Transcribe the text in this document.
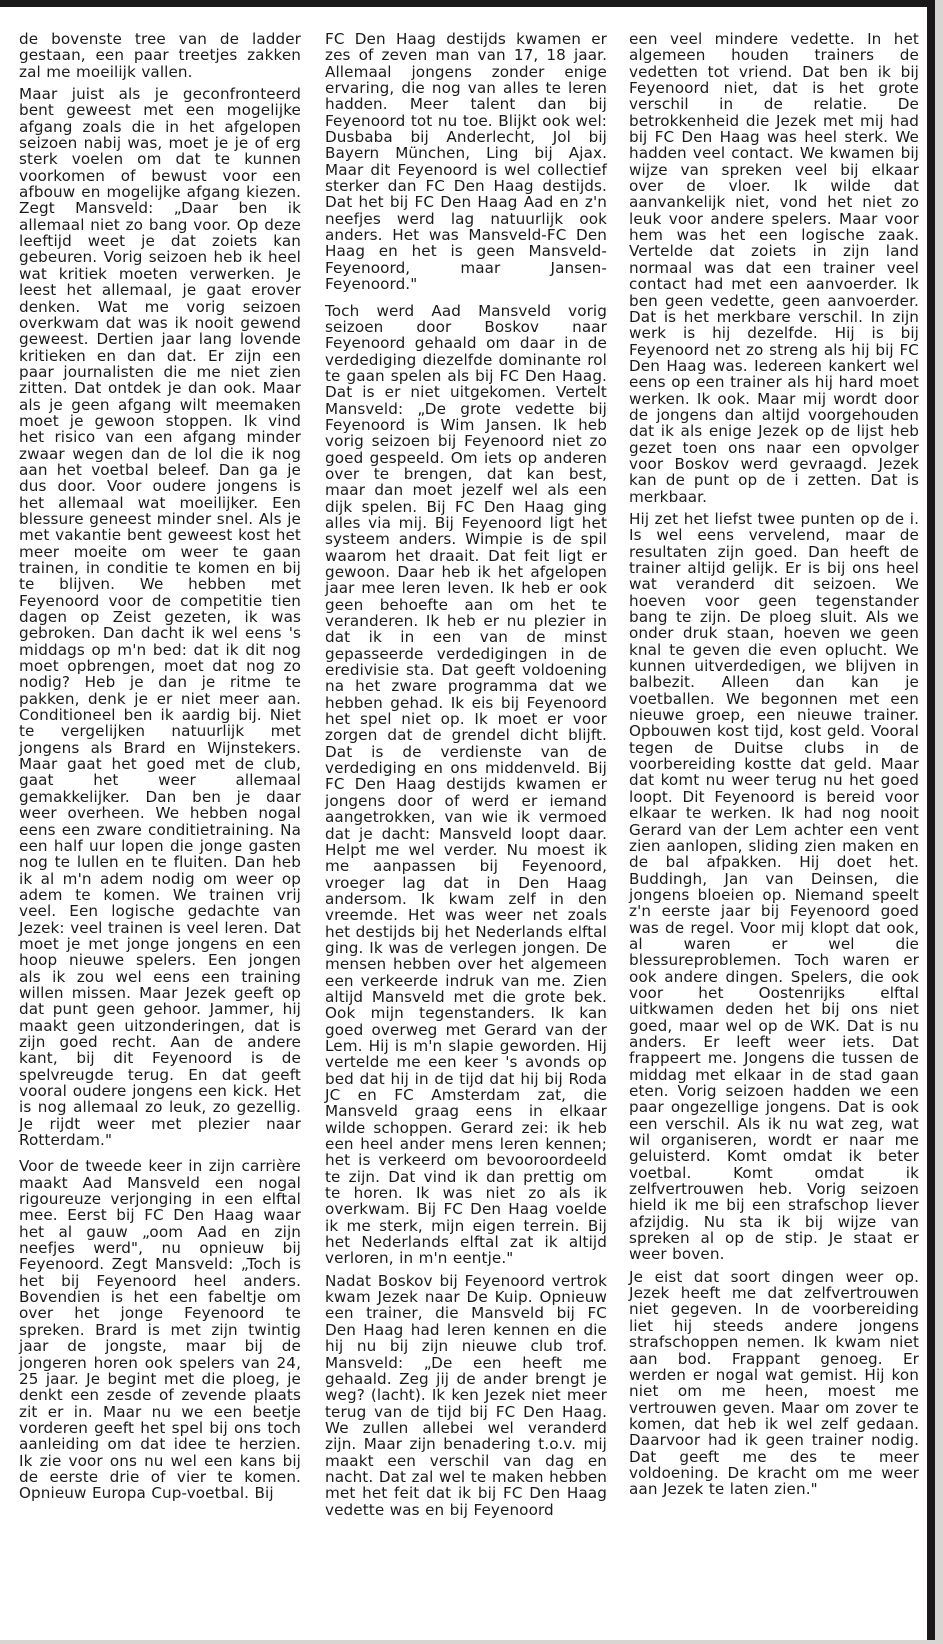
de bovenste tree van de ladder gestaan, een paar treetjes zakken zal me moeilijk vallen.

Maar juist als je geconfronteerd bent geweest met een mogelijke afgang zoals die in het afgelopen seizoen nabij was, moet je je of erg sterk voelen om dat te kunnen voorkomen of bewust voor een afbouw en mogelijke afgang kiezen. Zegt Mansveld: „Daar ben ik allemaal niet zo bang voor. Op deze leeftijd weet je dat zoiets kan gebeuren. Vorig seizoen heb ik heel wat kritiek moeten verwerken. Je leest het allemaal, je gaat erover denken. Wat me vorig seizoen overkwam dat was ik nooit gewend geweest. Dertien jaar lang lovende kritieken en dan dat. Er zijn een paar journalisten die me niet zien zitten. Dat ontdek je dan ook. Maar als je geen afgang wilt meemaken moet je gewoon stoppen. Ik vind het risico van een afgang minder zwaar wegen dan de lol die ik nog aan het voetbal beleef. Dan ga je dus door. Voor oudere jongens is het allemaal wat moeilijker. Een blessure geneest minder snel. Als je met vakantie bent geweest kost het meer moeite om weer te gaan trainen, in conditie te komen en bij te blijven. We hebben met Feyenoord voor de competitie tien dagen op Zeist gezeten, ik was gebroken. Dan dacht ik wel eens 's middags op m'n bed: dat ik dit nog moet opbrengen, moet dat nog zo nodig? Heb je dan je ritme te pakken, denk je er niet meer aan. Conditioneel ben ik aardig bij. Niet te vergelijken natuurlijk met jongens als Brard en Wijnstekers. Maar gaat het goed met de club, gaat het weer allemaal gemakkelijker. Dan ben je daar weer overheen. We hebben nogal eens een zware conditietraining. Na een half uur lopen die jonge gasten nog te lullen en te fluiten. Dan heb ik al m'n adem nodig om weer op adem te komen. We trainen vrij veel. Een logische gedachte van Jezek: veel trainen is veel leren. Dat moet je met jonge jongens en een hoop nieuwe spelers. Een jongen als ik zou wel eens een training willen missen. Maar Jezek geeft op dat punt geen gehoor. Jammer, hij maakt geen uitzonderingen, dat is zijn goed recht. Aan de andere kant, bij dit Feyenoord is de spelvreugde terug. En dat geeft vooral oudere jongens een kick. Het is nog allemaal zo leuk, zo gezellig. Je rijdt weer met plezier naar Rotterdam."

Voor de tweede keer in zijn carrière maakt Aad Mansveld een nogal rigoureuze verjonging in een elftal mee. Eerst bij FC Den Haag waar het al gauw „oom Aad en zijn neefjes werd", nu opnieuw bij Feyenoord. Zegt Mansveld: „Toch is het bij Feyenoord heel anders. Bovendien is het een fabeltje om over het jonge Feyenoord te spreken. Brard is met zijn twintig jaar de jongste, maar bij de jongeren horen ook spelers van 24, 25 jaar. Je begint met die ploeg, je denkt een zesde of zevende plaats zit er in. Maar nu we een beetje vorderen geeft het spel bij ons toch aanleiding om dat idee te herzien. Ik zie voor ons nu wel een kans bij de eerste drie of vier te komen. Opnieuw Europa Cup-voetbal. Bij

FC Den Haag destijds kwamen er zes of zeven man van 17, 18 jaar. Allemaal jongens zonder enige ervaring, die nog van alles te leren hadden. Meer talent dan bij Feyenoord tot nu toe. Blijkt ook wel: Dusbaba bij Anderlecht, Jol bij Bayern München, Ling bij Ajax. Maar dit Feyenoord is wel collectief sterker dan FC Den Haag destijds. Dat het bij FC Den Haag Aad en z'n neefjes werd lag natuurlijk ook anders. Het was Mansveld-FC Den Haag en het is geen Mansveld-Feyenoord, maar Jansen-Feyenoord."

Toch werd Aad Mansveld vorig seizoen door Boskov naar Feyenoord gehaald om daar in de verdediging diezelfde dominante rol te gaan spelen als bij FC Den Haag. Dat is er niet uitgekomen. Vertelt Mansveld: „De grote vedette bij Feyenoord is Wim Jansen. Ik heb vorig seizoen bij Feyenoord niet zo goed gespeeld. Om iets op anderen over te brengen, dat kan best, maar dan moet jezelf wel als een dijk spelen. Bij FC Den Haag ging alles via mij. Bij Feyenoord ligt het systeem anders. Wimpie is de spil waarom het draait. Dat feit ligt er gewoon. Daar heb ik het afgelopen jaar mee leren leven. Ik heb er ook geen behoefte aan om het te veranderen. Ik heb er nu plezier in dat ik in een van de minst gepasseerde verdedigingen in de eredivisie sta. Dat geeft voldoening na het zware programma dat we hebben gehad. Ik eis bij Feyenoord het spel niet op. Ik moet er voor zorgen dat de grendel dicht blijft. Dat is de verdienste van de verdediging en ons middenveld. Bij FC Den Haag destijds kwamen er jongens door of werd er iemand aangetrokken, van wie ik vermoed dat je dacht: Mansveld loopt daar. Helpt me wel verder. Nu moest ik me aanpassen bij Feyenoord, vroeger lag dat in Den Haag andersom. Ik kwam zelf in den vreemde. Het was weer net zoals het destijds bij het Nederlands elftal ging. Ik was de verlegen jongen. De mensen hebben over het algemeen een verkeerde indruk van me. Zien altijd Mansveld met die grote bek. Ook mijn tegenstanders. Ik kan goed overweg met Gerard van der Lem. Hij is m'n slapie geworden. Hij vertelde me een keer 's avonds op bed dat hij in de tijd dat hij bij Roda JC en FC Amsterdam zat, die Mansveld graag eens in elkaar wilde schoppen. Gerard zei: ik heb een heel ander mens leren kennen; het is verkeerd om bevooroordeeld te zijn. Dat vind ik dan prettig om te horen. Ik was niet zo als ik overkwam. Bij FC Den Haag voelde ik me sterk, mijn eigen terrein. Bij het Nederlands elftal zat ik altijd verloren, in m'n eentje."

Nadat Boskov bij Feyenoord vertrok kwam Jezek naar De Kuip. Opnieuw een trainer, die Mansveld bij FC Den Haag had leren kennen en die hij nu bij zijn nieuwe club trof. Mansveld: „De een heeft me gehaald. Zeg jij de ander brengt je weg? (lacht). Ik ken Jezek niet meer terug van de tijd bij FC Den Haag. We zullen allebei wel veranderd zijn. Maar zijn benadering t.o.v. mij maakt een verschil van dag en nacht. Dat zal wel te maken hebben met het feit dat ik bij FC Den Haag vedette was en bij Feyenoord

een veel mindere vedette. In het algemeen houden trainers de vedetten tot vriend. Dat ben ik bij Feyenoord niet, dat is het grote verschil in de relatie. De betrokkenheid die Jezek met mij had bij FC Den Haag was heel sterk. We hadden veel contact. We kwamen bij wijze van spreken veel bij elkaar over de vloer. Ik wilde dat aanvankelijk niet, vond het niet zo leuk voor andere spelers. Maar voor hem was het een logische zaak. Vertelde dat zoiets in zijn land normaal was dat een trainer veel contact had met een aanvoerder. Ik ben geen vedette, geen aanvoerder. Dat is het merkbare verschil. In zijn werk is hij dezelfde. Hij is bij Feyenoord net zo streng als hij bij FC Den Haag was. Iedereen kankert wel eens op een trainer als hij hard moet werken. Ik ook. Maar mij wordt door de jongens dan altijd voorgehouden dat ik als enige Jezek op de lijst heb gezet toen ons naar een opvolger voor Boskov werd gevraagd. Jezek kan de punt op de i zetten. Dat is merkbaar.

Hij zet het liefst twee punten op de i. Is wel eens vervelend, maar de resultaten zijn goed. Dan heeft de trainer altijd gelijk. Er is bij ons heel wat veranderd dit seizoen. We hoeven voor geen tegenstander bang te zijn. De ploeg sluit. Als we onder druk staan, hoeven we geen knal te geven die even oplucht. We kunnen uitverdedigen, we blijven in balbezit. Alleen dan kan je voetballen. We begonnen met een nieuwe groep, een nieuwe trainer. Opbouwen kost tijd, kost geld. Vooral tegen de Duitse clubs in de voorbereiding kostte dat geld. Maar dat komt nu weer terug nu het goed loopt. Dit Feyenoord is bereid voor elkaar te werken. Ik had nog nooit Gerard van der Lem achter een vent zien aanlopen, sliding zien maken en de bal afpakken. Hij doet het. Buddingh, Jan van Deinsen, die jongens bloeien op. Niemand speelt z'n eerste jaar bij Feyenoord goed was de regel. Voor mij klopt dat ook, al waren er wel die blessureproblemen. Toch waren er ook andere dingen. Spelers, die ook voor het Oostenrijks elftal uitkwamen deden het bij ons niet goed, maar wel op de WK. Dat is nu anders. Er leeft weer iets. Dat frappeert me. Jongens die tussen de middag met elkaar in de stad gaan eten. Vorig seizoen hadden we een paar ongezellige jongens. Dat is ook een verschil. Als ik nu wat zeg, wat wil organiseren, wordt er naar me geluisterd. Komt omdat ik beter voetbal. Komt omdat ik zelfvertrouwen heb. Vorig seizoen hield ik me bij een strafschop liever afzijdig. Nu sta ik bij wijze van spreken al op de stip. Je staat er weer boven.

Je eist dat soort dingen weer op. Jezek heeft me dat zelfvertrouwen niet gegeven. In de voorbereiding liet hij steeds andere jongens strafschoppen nemen. Ik kwam niet aan bod. Frappant genoeg. Er werden er nogal wat gemist. Hij kon niet om me heen, moest me vertrouwen geven. Maar om zover te komen, dat heb ik wel zelf gedaan. Daarvoor had ik geen trainer nodig. Dat geeft me des te meer voldoening. De kracht om me weer aan Jezek te laten zien."
